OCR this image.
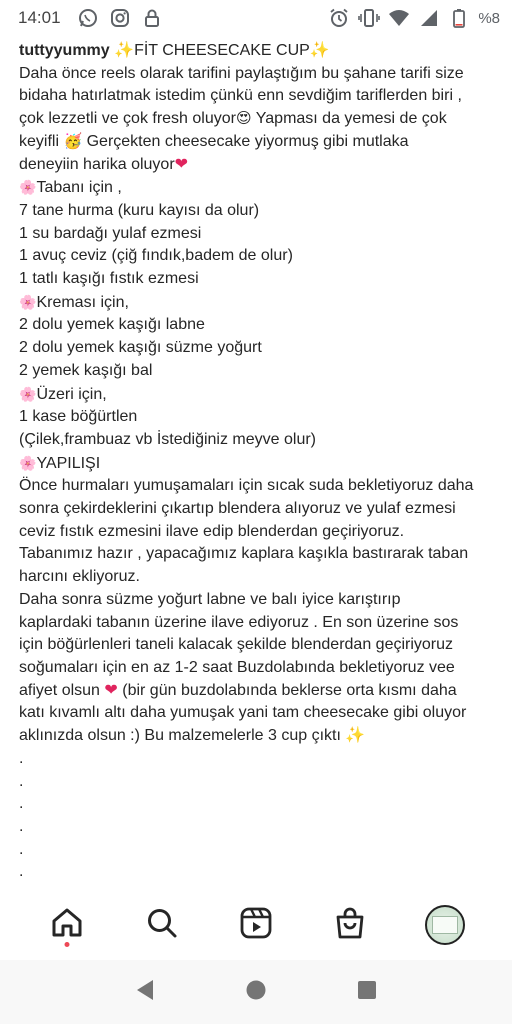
14:01	%8
tuttyyummy ✨FİT CHEESECAKE CUP✨
Daha önce reels olarak tarifini paylaştığım bu şahane tarifi size
bidaha hatırlatmak istedim çünkü enn sevdiğim tariflerden biri ,
çok lezzetli ve çok fresh oluyor😍 Yapması da yemesi de çok
keyifli 🥳 Gerçekten cheesecake yiyormuş gibi mutlaka
deneyiin harika oluyor❤
🌸Tabanı için ,
7 tane hurma (kuru kayısı da olur)
1 su bardağı yulaf ezmesi
1 avuç ceviz (çiğ fındık,badem de olur)
1 tatlı kaşığı fıstık ezmesi
🌸Kreması için,
2 dolu yemek kaşığı labne
2 dolu yemek kaşığı süzme yoğurt
2 yemek kaşığı bal
🌸Üzeri için,
1 kase böğürtlen
(Çilek,frambuaz vb İstediğiniz meyve olur)
🌸YAPILIŞI
Önce hurmaları yumuşamaları için sıcak suda bekletiyoruz daha
sonra çekirdeklerini çıkartıp blendera alıyoruz ve yulaf ezmesi
ceviz fıstık ezmesini ilave edip blenderdan geçiriyoruz.
Tabanımız hazır , yapacağımız kaplara kaşıkla bastırarak taban
harcını ekliyoruz.
Daha sonra süzme yoğurt labne ve balı iyice karıştırıp
kaplardaki tabanın üzerine ilave ediyoruz . En son üzerine sos
için böğürlenleri taneli kalacak şekilde blenderdan geçiriyoruz
soğumaları için en az 1-2 saat Buzdolabında bekletiyoruz vee
afiyet olsun ❤ (bir gün buzdolabında beklerse orta kısmı daha
katı kıvamlı altı daha yumuşak yani tam cheesecake gibi oluyor
aklınızda olsun :) Bu malzemelerle 3 cup çıktı ✨
.
.
.
.
.
.
